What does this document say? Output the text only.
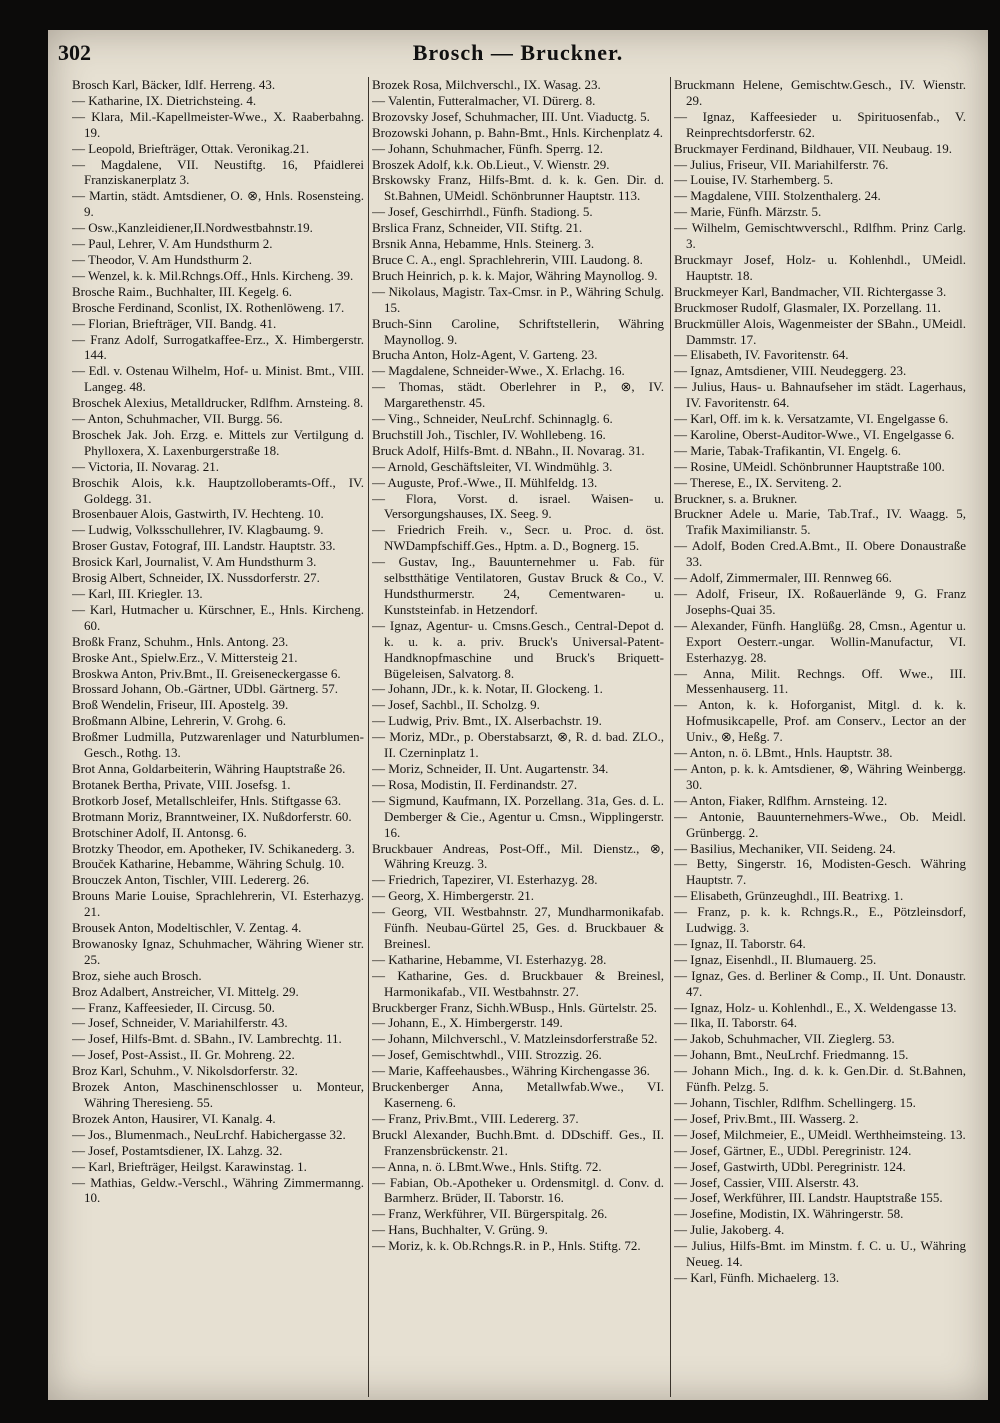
302	Brosch — Bruckner.

Brosch Karl, Bäcker, Idlf. Herreng. 43.

— Katharine, IX. Dietrichsteing. 4.

— Klara, Mil.-Kapellmeister-Wwe., X. Raaberbahng. 19.

— Leopold, Briefträger, Ottak. Veronikag.21.

— Magdalene, VII. Neustiftg. 16, Pfaidlerei Franziskanerplatz 3.

— Martin, städt. Amtsdiener, O. ⊗, Hnls. Rosensteing. 9.

— Osw.,Kanzleidiener,II.Nordwestbahnstr.19.

— Paul, Lehrer, V. Am Hundsthurm 2.

— Theodor, V. Am Hundsthurm 2.

— Wenzel, k. k. Mil.Rchngs.Off., Hnls. Kircheng. 39.

Brosche Raim., Buchhalter, III. Kegelg. 6.

Brosche Ferdinand, Sconlist, IX. Rothenlöweng. 17.

— Florian, Briefträger, VII. Bandg. 41.

— Franz Adolf, Surrogatkaffee-Erz., X. Himbergerstr. 144.

— Edl. v. Ostenau Wilhelm, Hof- u. Minist. Bmt., VIII. Langeg. 48.

Broschek Alexius, Metalldrucker, Rdlfhm. Arnsteing. 8.

— Anton, Schuhmacher, VII. Burgg. 56.

Broschek Jak. Joh. Erzg. e. Mittels zur Vertilgung d. Phylloxera, X. Laxenburgerstraße 18.

— Victoria, II. Novarag. 21.

Broschik Alois, k.k. Hauptzolloberamts-Off., IV. Goldegg. 31.

Brosenbauer Alois, Gastwirth, IV. Hechteng. 10.

— Ludwig, Volksschullehrer, IV. Klagbaumg. 9.

Broser Gustav, Fotograf, III. Landstr. Hauptstr. 33.

Brosick Karl, Journalist, V. Am Hundsthurm 3.

Brosig Albert, Schneider, IX. Nussdorferstr. 27.

— Karl, III. Kriegler. 13.

— Karl, Hutmacher u. Kürschner, E., Hnls. Kircheng. 60.

Broßk Franz, Schuhm., Hnls. Antong. 23.

Broske Ant., Spielw.Erz., V. Mittersteig 21.

Broskwa Anton, Priv.Bmt., II. Greiseneckergasse 6.

Brossard Johann, Ob.-Gärtner, UDbl. Gärtnerg. 57.

Broß Wendelin, Friseur, III. Apostelg. 39.

Broßmann Albine, Lehrerin, V. Grohg. 6.

Broßmer Ludmilla, Putzwarenlager und Naturblumen-Gesch., Rothg. 13.

Brot Anna, Goldarbeiterin, Währing Hauptstraße 26.

Brotanek Bertha, Private, VIII. Josefsg. 1.

Brotkorb Josef, Metallschleifer, Hnls. Stiftgasse 63.

Brotmann Moriz, Branntweiner, IX. Nußdorferstr. 60.

Brotschiner Adolf, II. Antonsg. 6.

Brotzky Theodor, em. Apotheker, IV. Schikanederg. 3.

Brouček Katharine, Hebamme, Währing Schulg. 10.

Brouczek Anton, Tischler, VIII. Ledererg. 26.

Brouns Marie Louise, Sprachlehrerin, VI. Esterhazyg. 21.

Brousek Anton, Modeltischler, V. Zentag. 4.

Browanosky Ignaz, Schuhmacher, Währing Wiener str. 25.

Broz, siehe auch Brosch.

Broz Adalbert, Anstreicher, VI. Mittelg. 29.

— Franz, Kaffeesieder, II. Circusg. 50.

— Josef, Schneider, V. Mariahilferstr. 43.

— Josef, Hilfs-Bmt. d. SBahn., IV. Lambrechtg. 11.

— Josef, Post-Assist., II. Gr. Mohreng. 22.

Broz Karl, Schuhm., V. Nikolsdorferstr. 32.

Brozek Anton, Maschinenschlosser u. Monteur, Währing Theresieng. 55.

Brozek Anton, Hausirer, VI. Kanalg. 4.

— Jos., Blumenmach., NeuLrchf. Habichergasse 32.

— Josef, Postamtsdiener, IX. Lahzg. 32.

— Karl, Briefträger, Heilgst. Karawinstag. 1.

— Mathias, Geldw.-Verschl., Währing Zimmermanng. 10.

Brozek Rosa, Milchverschl., IX. Wasag. 23.

— Valentin, Futteralmacher, VI. Dürerg. 8.

Brozovsky Josef, Schuhmacher, III. Unt. Viaductg. 5.

Brozowski Johann, p. Bahn-Bmt., Hnls. Kirchenplatz 4.

— Johann, Schuhmacher, Fünfh. Sperrg. 12.

Broszek Adolf, k.k. Ob.Lieut., V. Wienstr. 29.

Brskowsky Franz, Hilfs-Bmt. d. k. k. Gen. Dir. d. St.Bahnen, UMeidl. Schönbrunner Hauptstr. 113.

— Josef, Geschirrhdl., Fünfh. Stadiong. 5.

Brslica Franz, Schneider, VII. Stiftg. 21.

Brsnik Anna, Hebamme, Hnls. Steinerg. 3.

Bruce C. A., engl. Sprachlehrerin, VIII. Laudong. 8.

Bruch Heinrich, p. k. k. Major, Währing Maynollog. 9.

— Nikolaus, Magistr. Tax-Cmsr. in P., Währing Schulg. 15.

Bruch-Sinn Caroline, Schriftstellerin, Währing Maynollog. 9.

Brucha Anton, Holz-Agent, V. Garteng. 23.

— Magdalene, Schneider-Wwe., X. Erlachg. 16.

— Thomas, städt. Oberlehrer in P., ⊗, IV. Margarethenstr. 45.

— Ving., Schneider, NeuLrchf. Schinnaglg. 6.

Bruchstill Joh., Tischler, IV. Wohllebeng. 16.

Bruck Adolf, Hilfs-Bmt. d. NBahn., II. Novarag. 31.

— Arnold, Geschäftsleiter, VI. Windmühlg. 3.

— Auguste, Prof.-Wwe., II. Mühlfeldg. 13.

— Flora, Vorst. d. israel. Waisen- u. Versorgungshauses, IX. Seeg. 9.

— Friedrich Freih. v., Secr. u. Proc. d. öst. NWDampfschiff.Ges., Hptm. a. D., Bognerg. 15.

— Gustav, Ing., Bauunternehmer u. Fab. für selbstthätige Ventilatoren, Gustav Bruck & Co., V. Hundsthurmerstr. 24, Cementwaren- u. Kunststeinfab. in Hetzendorf.

— Ignaz, Agentur- u. Cmsns.Gesch., Central-Depot d. k. u. k. a. priv. Bruck's Universal-Patent-Handknopfmaschine und Bruck's Briquett-Bügeleisen, Salvatorg. 8.

— Johann, JDr., k. k. Notar, II. Glockeng. 1.

— Josef, Sachbl., II. Scholzg. 9.

— Ludwig, Priv. Bmt., IX. Alserbachstr. 19.

— Moriz, MDr., p. Oberstabsarzt, ⊗, R. d. bad. ZLO., II. Czerninplatz 1.

— Moriz, Schneider, II. Unt. Augartenstr. 34.

— Rosa, Modistin, II. Ferdinandstr. 27.

— Sigmund, Kaufmann, IX. Porzellang. 31a, Ges. d. L. Demberger & Cie., Agentur u. Cmsn., Wipplingerstr. 16.

Bruckbauer Andreas, Post-Off., Mil. Dienstz., ⊗, Währing Kreuzg. 3.

— Friedrich, Tapezirer, VI. Esterhazyg. 28.

— Georg, X. Himbergerstr. 21.

— Georg, VII. Westbahnstr. 27, Mundharmonikafab. Fünfh. Neubau-Gürtel 25, Ges. d. Bruckbauer & Breinesl.

— Katharine, Hebamme, VI. Esterhazyg. 28.

— Katharine, Ges. d. Bruckbauer & Breinesl, Harmonikafab., VII. Westbahnstr. 27.

Bruckberger Franz, Sichh.WBusp., Hnls. Gürtelstr. 25.

— Johann, E., X. Himbergerstr. 149.

— Johann, Milchverschl., V. Matzleinsdorferstraße 52.

— Josef, Gemischtwhdl., VIII. Strozzig. 26.

— Marie, Kaffeehausbes., Währing Kirchengasse 36.

Bruckenberger Anna, Metallwfab.Wwe., VI. Kaserneng. 6.

— Franz, Priv.Bmt., VIII. Ledererg. 37.

Bruckl Alexander, Buchh.Bmt. d. DDschiff. Ges., II. Franzensbrückenstr. 21.

— Anna, n. ö. LBmt.Wwe., Hnls. Stiftg. 72.

— Fabian, Ob.-Apotheker u. Ordensmitgl. d. Conv. d. Barmherz. Brüder, II. Taborstr. 16.

— Franz, Werkführer, VII. Bürgerspitalg. 26.

— Hans, Buchhalter, V. Grüng. 9.

— Moriz, k. k. Ob.Rchngs.R. in P., Hnls. Stiftg. 72.

Bruckmann Helene, Gemischtw.Gesch., IV. Wienstr. 29.

— Ignaz, Kaffeesieder u. Spirituosenfab., V. Reinprechtsdorferstr. 62.

Bruckmayer Ferdinand, Bildhauer, VII. Neubaug. 19.

— Julius, Friseur, VII. Mariahilferstr. 76.

— Louise, IV. Starhemberg. 5.

— Magdalene, VIII. Stolzenthalerg. 24.

— Marie, Fünfh. Märzstr. 5.

— Wilhelm, Gemischtwverschl., Rdlfhm. Prinz Carlg. 3.

Bruckmayr Josef, Holz- u. Kohlenhdl., UMeidl. Hauptstr. 18.

Bruckmeyer Karl, Bandmacher, VII. Richtergasse 3.

Bruckmoser Rudolf, Glasmaler, IX. Porzellang. 11.

Bruckmüller Alois, Wagenmeister der SBahn., UMeidl. Dammstr. 17.

— Elisabeth, IV. Favoritenstr. 64.

— Ignaz, Amtsdiener, VIII. Neudeggerg. 23.

— Julius, Haus- u. Bahnaufseher im städt. Lagerhaus, IV. Favoritenstr. 64.

— Karl, Off. im k. k. Versatzamte, VI. Engelgasse 6.

— Karoline, Oberst-Auditor-Wwe., VI. Engelgasse 6.

— Marie, Tabak-Trafikantin, VI. Engelg. 6.

— Rosine, UMeidl. Schönbrunner Hauptstraße 100.

— Therese, E., IX. Serviteng. 2.

Bruckner, s. a. Brukner.

Bruckner Adele u. Marie, Tab.Traf., IV. Waagg. 5, Trafik Maximilianstr. 5.

— Adolf, Boden Cred.A.Bmt., II. Obere Donaustraße 33.

— Adolf, Zimmermaler, III. Rennweg 66.

— Adolf, Friseur, IX. Roßauerlände 9, G. Franz Josephs-Quai 35.

— Alexander, Fünfh. Hanglüßg. 28, Cmsn., Agentur u. Export Oesterr.-ungar. Wollin-Manufactur, VI. Esterhazyg. 28.

— Anna, Milit. Rechngs. Off. Wwe., III. Messenhauserg. 11.

— Anton, k. k. Hoforganist, Mitgl. d. k. k. Hofmusikcapelle, Prof. am Conserv., Lector an der Univ., ⊗, Heßg. 7.

— Anton, n. ö. LBmt., Hnls. Hauptstr. 38.

— Anton, p. k. k. Amtsdiener, ⊗, Währing Weinbergg. 30.

— Anton, Fiaker, Rdlfhm. Arnsteing. 12.

— Antonie, Bauunternehmers-Wwe., Ob. Meidl. Grünbergg. 2.

— Basilius, Mechaniker, VII. Seideng. 24.

— Betty, Singerstr. 16, Modisten-Gesch. Währing Hauptstr. 7.

— Elisabeth, Grünzeughdl., III. Beatrixg. 1.

— Franz, p. k. k. Rchngs.R., E., Pötzleinsdorf, Ludwigg. 3.

— Ignaz, II. Taborstr. 64.

— Ignaz, Eisenhdl., II. Blumauerg. 25.

— Ignaz, Ges. d. Berliner & Comp., II. Unt. Donaustr. 47.

— Ignaz, Holz- u. Kohlenhdl., E., X. Weldengasse 13.

— Ilka, II. Taborstr. 64.

— Jakob, Schuhmacher, VII. Zieglerg. 53.

— Johann, Bmt., NeuLrchf. Friedmanng. 15.

— Johann Mich., Ing. d. k. k. Gen.Dir. d. St.Bahnen, Fünfh. Pelzg. 5.

— Johann, Tischler, Rdlfhm. Schellingerg. 15.

— Josef, Priv.Bmt., III. Wasserg. 2.

— Josef, Milchmeier, E., UMeidl. Werthheimsteing. 13.

— Josef, Gärtner, E., UDbl. Peregrinistr. 124.

— Josef, Gastwirth, UDbl. Peregrinistr. 124.

— Josef, Cassier, VIII. Alserstr. 43.

— Josef, Werkführer, III. Landstr. Hauptstraße 155.

— Josefine, Modistin, IX. Währingerstr. 58.

— Julie, Jakoberg. 4.

— Julius, Hilfs-Bmt. im Minstm. f. C. u. U., Währing Neueg. 14.

— Karl, Fünfh. Michaelerg. 13.
